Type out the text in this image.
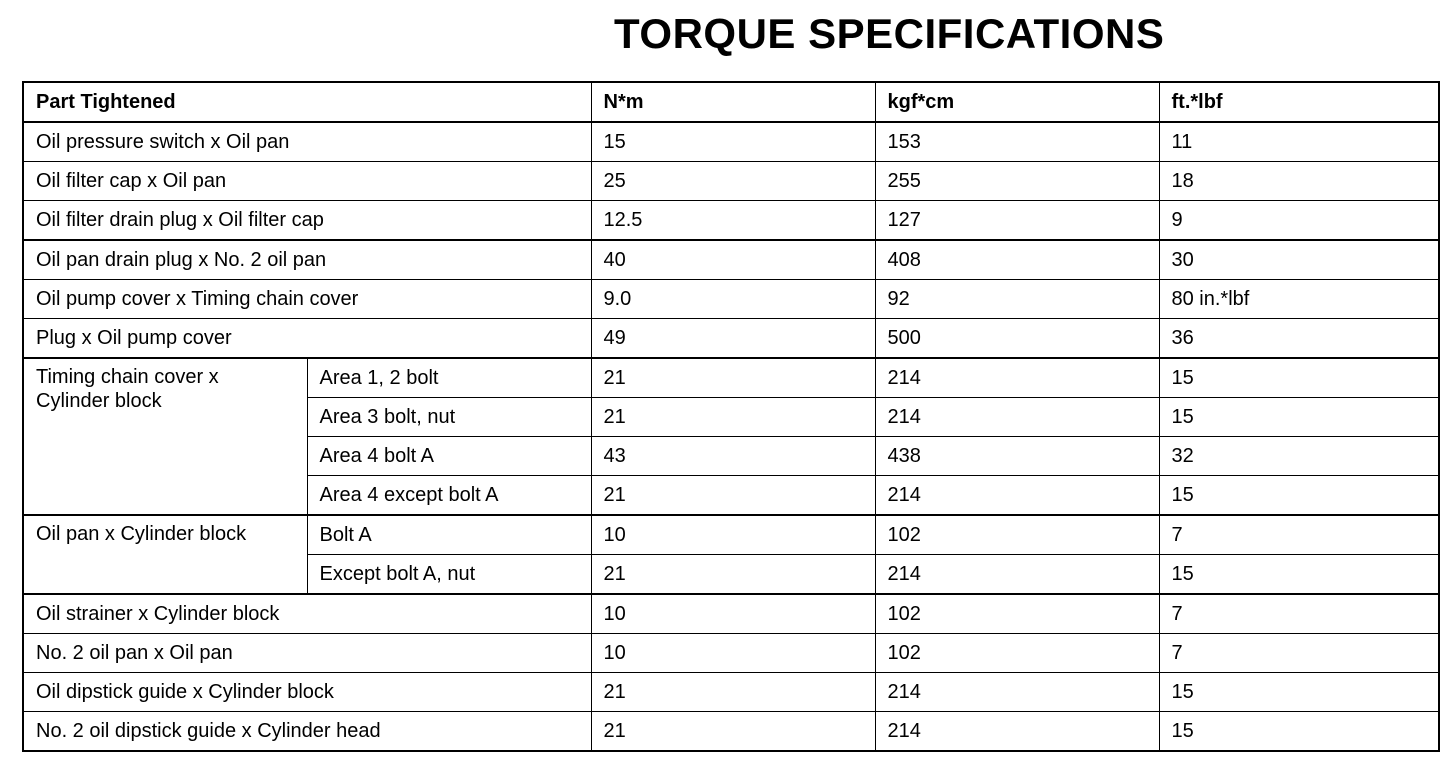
TORQUE SPECIFICATIONS
Part Tightened		N*m	kgf*cm	ft.*lbf
Oil pressure switch x Oil pan		15	153	11
Oil filter cap x Oil pan		25	255	18
Oil filter drain plug x Oil filter cap		12.5	127	9
Oil pan drain plug x No. 2 oil pan		40	408	30
Oil pump cover x Timing chain cover		9.0	92	80 in.*lbf
Plug x Oil pump cover		49	500	36
Timing chain cover x
Cylinder block	Area 1, 2 bolt	21	214	15
	Area 3 bolt, nut	21	214	15
	Area 4 bolt A	43	438	32
	Area 4 except bolt A	21	214	15
Oil pan x Cylinder block	Bolt A	10	102	7
	Except bolt A, nut	21	214	15
Oil strainer x Cylinder block		10	102	7
No. 2 oil pan x Oil pan		10	102	7
Oil dipstick guide x Cylinder block		21	214	15
No. 2 oil dipstick guide x Cylinder head		21	214	15
